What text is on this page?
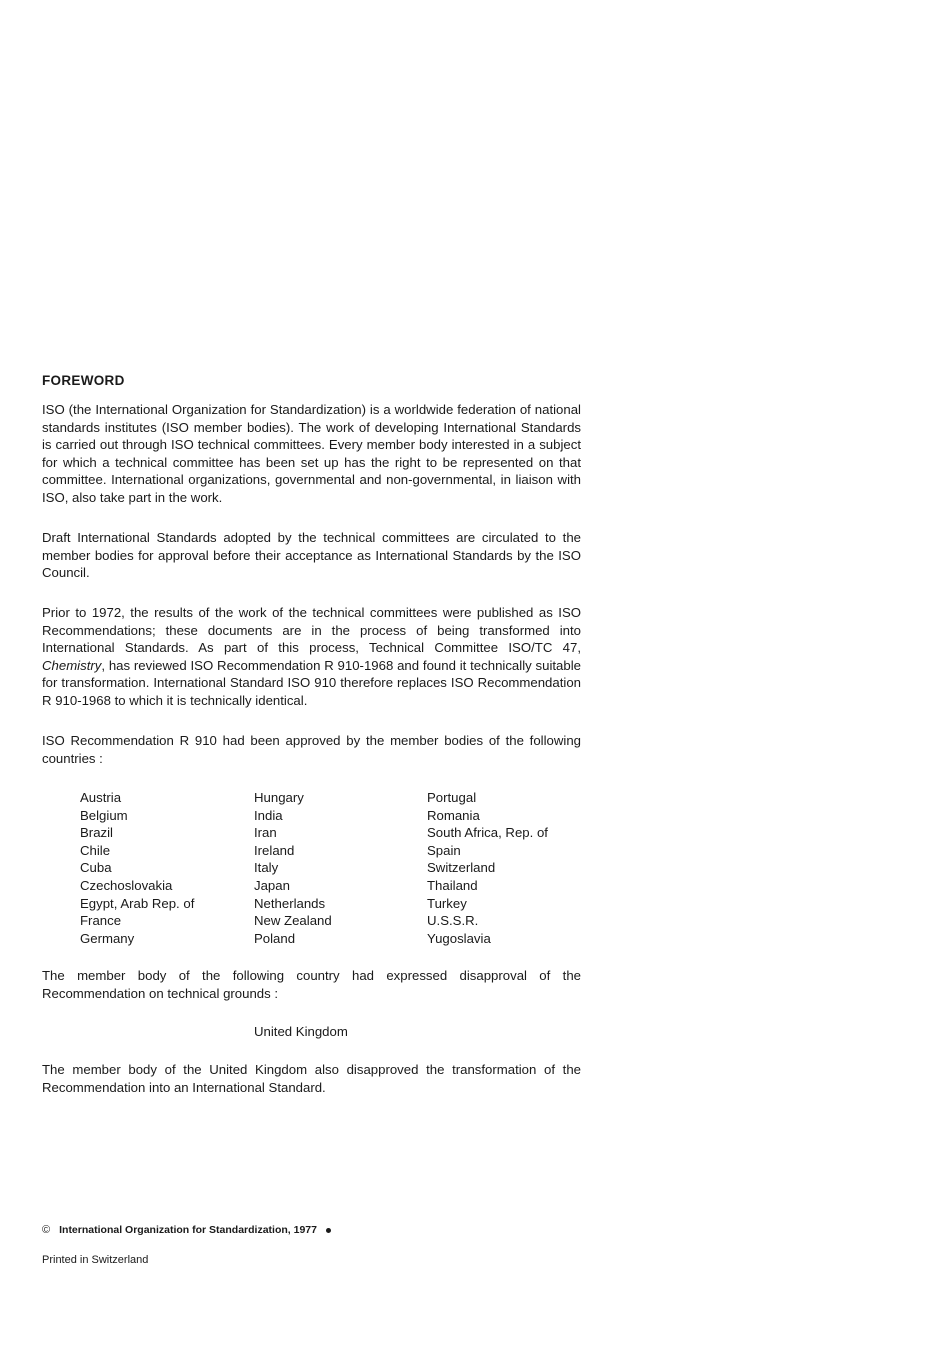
FOREWORD

ISO (the International Organization for Standardization) is a worldwide federation of national standards institutes (ISO member bodies). The work of developing International Standards is carried out through ISO technical committees. Every member body interested in a subject for which a technical committee has been set up has the right to be represented on that committee. International organizations, governmental and non-governmental, in liaison with ISO, also take part in the work.

Draft International Standards adopted by the technical committees are circulated to the member bodies for approval before their acceptance as International Standards by the ISO Council.

Prior to 1972, the results of the work of the technical committees were published as ISO Recommendations; these documents are in the process of being transformed into International Standards. As part of this process, Technical Committee ISO/TC 47, Chemistry, has reviewed ISO Recommendation R 910-1968 and found it technically suitable for transformation. International Standard ISO 910 therefore replaces ISO Recommendation R 910-1968 to which it is technically identical.

ISO Recommendation R 910 had been approved by the member bodies of the following countries :

Austria
Belgium
Brazil
Chile
Cuba
Czechoslovakia
Egypt, Arab Rep. of
France
Germany
Hungary
India
Iran
Ireland
Italy
Japan
Netherlands
New Zealand
Poland
Portugal
Romania
South Africa, Rep. of
Spain
Switzerland
Thailand
Turkey
U.S.S.R.
Yugoslavia

The member body of the following country had expressed disapproval of the Recommendation on technical grounds :

United Kingdom

The member body of the United Kingdom also disapproved the transformation of the Recommendation into an International Standard.

© International Organization for Standardization, 1977
Printed in Switzerland
